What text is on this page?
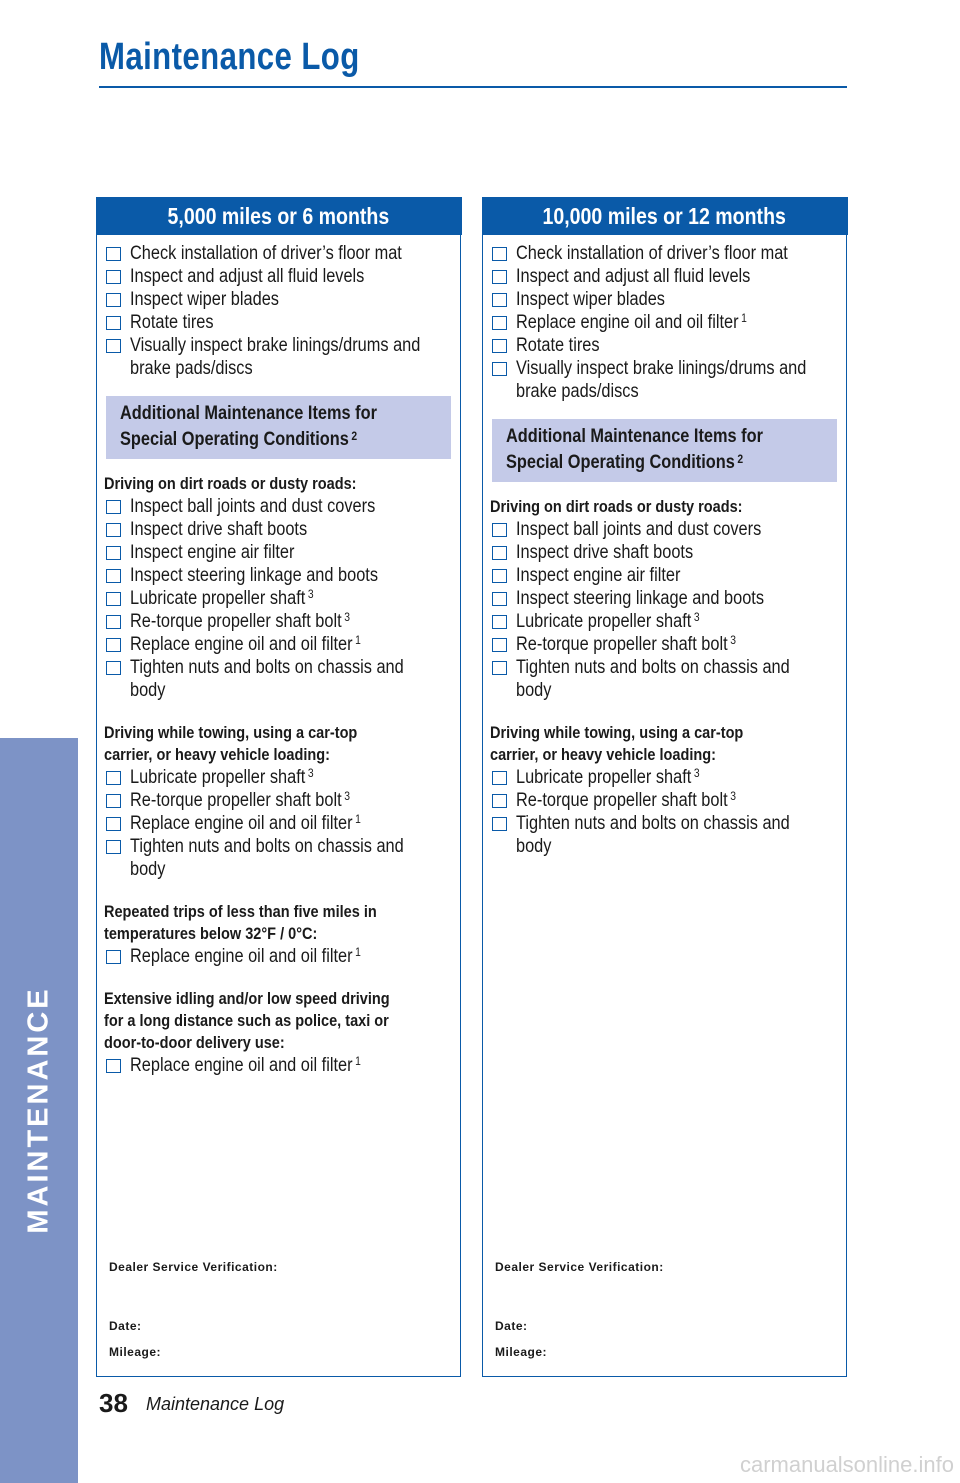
Maintenance Log
MAINTENANCE
5,000 miles or 6 months
Check installation of driver’s floor mat
Inspect and adjust all fluid levels
Inspect wiper blades
Rotate tires
Visually inspect brake linings/drums and
brake pads/discs
Additional Maintenance Items for
Special Operating Conditions $^2$
Driving on dirt roads or dusty roads:
Inspect ball joints and dust covers
Inspect drive shaft boots
Inspect engine air filter
Inspect steering linkage and boots
Lubricate propeller shaft $^3$
Re-torque propeller shaft bolt $^3$
Replace engine oil and oil filter $^1$
Tighten nuts and bolts on chassis and
body
Driving while towing, using a car-top
carrier, or heavy vehicle loading:
Lubricate propeller shaft $^3$
Re-torque propeller shaft bolt $^3$
Replace engine oil and oil filter $^1$
Tighten nuts and bolts on chassis and
body
Repeated trips of less than five miles in
temperatures below 32°F / 0°C:
Replace engine oil and oil filter $^1$
Extensive idling and/or low speed driving
for a long distance such as police, taxi or
door-to-door delivery use:
Replace engine oil and oil filter $^1$
Dealer Service Verification:
Date:
Mileage:
10,000 miles or 12 months
Check installation of driver’s floor mat
Inspect and adjust all fluid levels
Inspect wiper blades
Replace engine oil and oil filter $^1$
Rotate tires
Visually inspect brake linings/drums and
brake pads/discs
Additional Maintenance Items for
Special Operating Conditions $^2$
Driving on dirt roads or dusty roads:
Inspect ball joints and dust covers
Inspect drive shaft boots
Inspect engine air filter
Inspect steering linkage and boots
Lubricate propeller shaft $^3$
Re-torque propeller shaft bolt $^3$
Tighten nuts and bolts on chassis and
body
Driving while towing, using a car-top
carrier, or heavy vehicle loading:
Lubricate propeller shaft $^3$
Re-torque propeller shaft bolt $^3$
Tighten nuts and bolts on chassis and
body
Dealer Service Verification:
Date:
Mileage:
38 Maintenance Log
carmanualsonline.info
